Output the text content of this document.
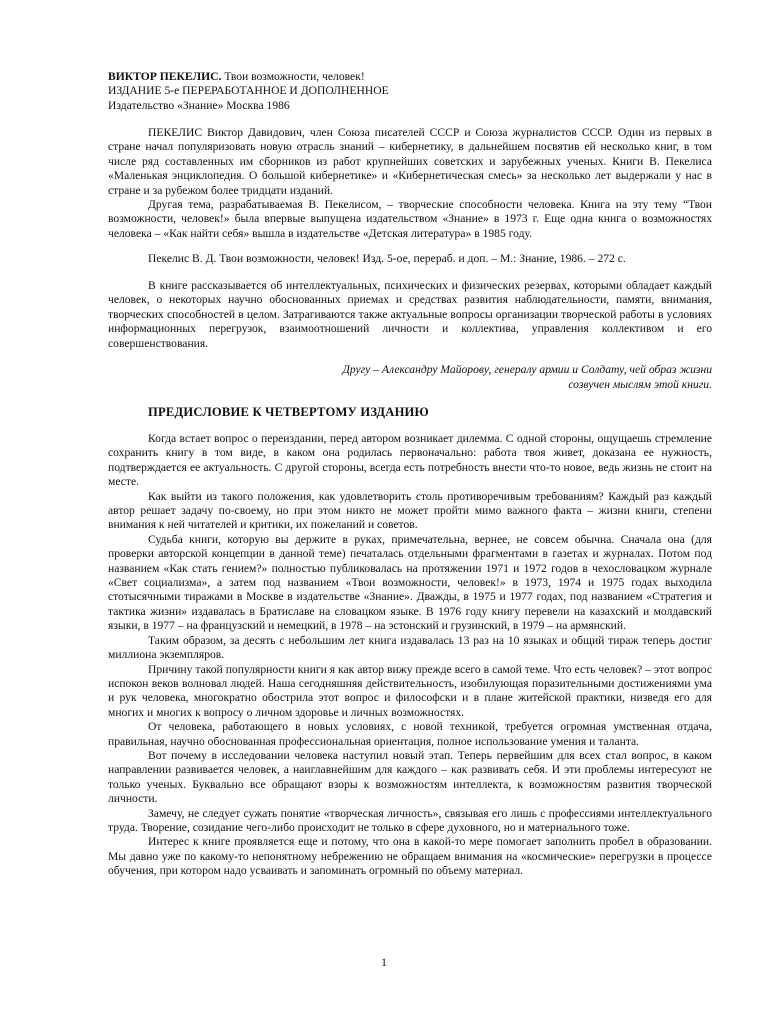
ВИКТОР ПЕКЕЛИС. Твои возможности, человек!
ИЗДАНИЕ 5-е ПЕРЕРАБОТАННОЕ И ДОПОЛНЕННОЕ
Издательство «Знание» Москва 1986

ПЕКЕЛИС Виктор Давидович, член Союза писателей СССР и Союза журналистов СССР. Один из первых в стране начал популяризовать новую отрасль знаний – кибернетику, в дальнейшем посвятив ей несколько книг, в том числе ряд составленных им сборников из работ крупнейших советских и зарубежных ученых. Книги В. Пекелиса «Маленькая энциклопедия. О большой кибернетике» и «Кибернетическая смесь» за несколько лет выдержали у нас в стране и за рубежом более тридцати изданий.

Другая тема, разрабатываемая В. Пекелисом, – творческие способности человека. Книга на эту тему “Твои возможности, человек!» была впервые выпущена издательством «Знание» в 1973 г. Еще одна книга о возможностях человека – «Как найти себя» вышла в издательстве «Детская литература» в 1985 году.

Пекелис В. Д. Твои возможности, человек! Изд. 5-ое, перераб. и доп. – М.: Знание, 1986. – 272 с.

В книге рассказывается об интеллектуальных, психических и физических резервах, которыми обладает каждый человек, о некоторых научно обоснованных приемах и средствах развития наблюдательности, памяти, внимания, творческих способностей в целом. Затрагиваются также актуальные вопросы организации творческой работы в условиях информационных перегрузок, взаимоотношений личности и коллектива, управления коллективом и его совершенствования.

Другу – Александру Майорову, генералу армии и Солдату, чей образ жизни
созвучен мыслям этой книги.
ПРЕДИСЛОВИЕ К ЧЕТВЕРТОМУ ИЗДАНИЮ

Когда встает вопрос о переиздании, перед автором возникает дилемма. С одной стороны, ощущаешь стремление сохранить книгу в том виде, в каком она родилась первоначально: работа твоя живет, доказана ее нужность, подтверждается ее актуальность. С другой стороны, всегда есть потребность внести что-то новое, ведь жизнь не стоит на месте.

Как выйти из такого положения, как удовлетворить столь противоречивым требованиям? Каждый раз каждый автор решает задачу по-своему, но при этом никто не может пройти мимо важного факта – жизни книги, степени внимания к ней читателей и критики, их пожеланий и советов.

Судьба книги, которую вы держите в руках, примечательна, вернее, не совсем обычна. Сначала она (для проверки авторской концепции в данной теме) печаталась отдельными фрагментами в газетах и журналах. Потом под названием «Как стать гением?» полностью публиковалась на протяжении 1971 и 1972 годов в чехословацком журнале «Свет социализма», а затем под названием «Твои возможности, человек!» в 1973, 1974 и 1975 годах выходила стотысячными тиражами в Москве в издательстве «Знание». Дважды, в 1975 и 1977 годах, под названием «Стратегия и тактика жизни» издавалась в Братиславе на словацком языке. В 1976 году книгу перевели на казахский и молдавский языки, в 1977 – на французский и немецкий, в 1978 – на эстонский и грузинский, в 1979 – на армянский.

Таким образом, за десять с небольшим лет книга издавалась 13 раз на 10 языках и общий тираж теперь достиг миллиона экземпляров.

Причину такой популярности книги я как автор вижу прежде всего в самой теме. Что есть человек? – этот вопрос испокон веков волновал людей. Наша сегодняшняя действительность, изобилующая поразительными достижениями ума и рук человека, многократно обострила этот вопрос и философски и в плане житейской практики, низведя его для многих и многих к вопросу о личном здоровье и личных возможностях.

От человека, работающего в новых условиях, с новой техникой, требуется огромная умственная отдача, правильная, научно обоснованная профессиональная ориентация, полное использование умения и таланта.

Вот почему в исследовании человека наступил новый этап. Теперь первейшим для всех стал вопрос, в каком направлении развивается человек, а наиглавнейшим для каждого – как развивать себя. И эти проблемы интересуют не только ученых. Буквально все обращают взоры к возможностям интеллекта, к возможностям развития творческой личности.

Замечу, не следует сужать понятие «творческая личность», связывая его лишь с профессиями интеллектуального труда. Творение, созидание чего-либо происходит не только в сфере духовного, но и материального тоже.

Интерес к книге проявляется еще и потому, что она в какой-то мере помогает заполнить пробел в образовании. Мы давно уже по какому-то непонятному небрежению не обращаем внимания на «космические» перегрузки в процессе обучения, при котором надо усваивать и запоминать огромный по объему материал.

1
